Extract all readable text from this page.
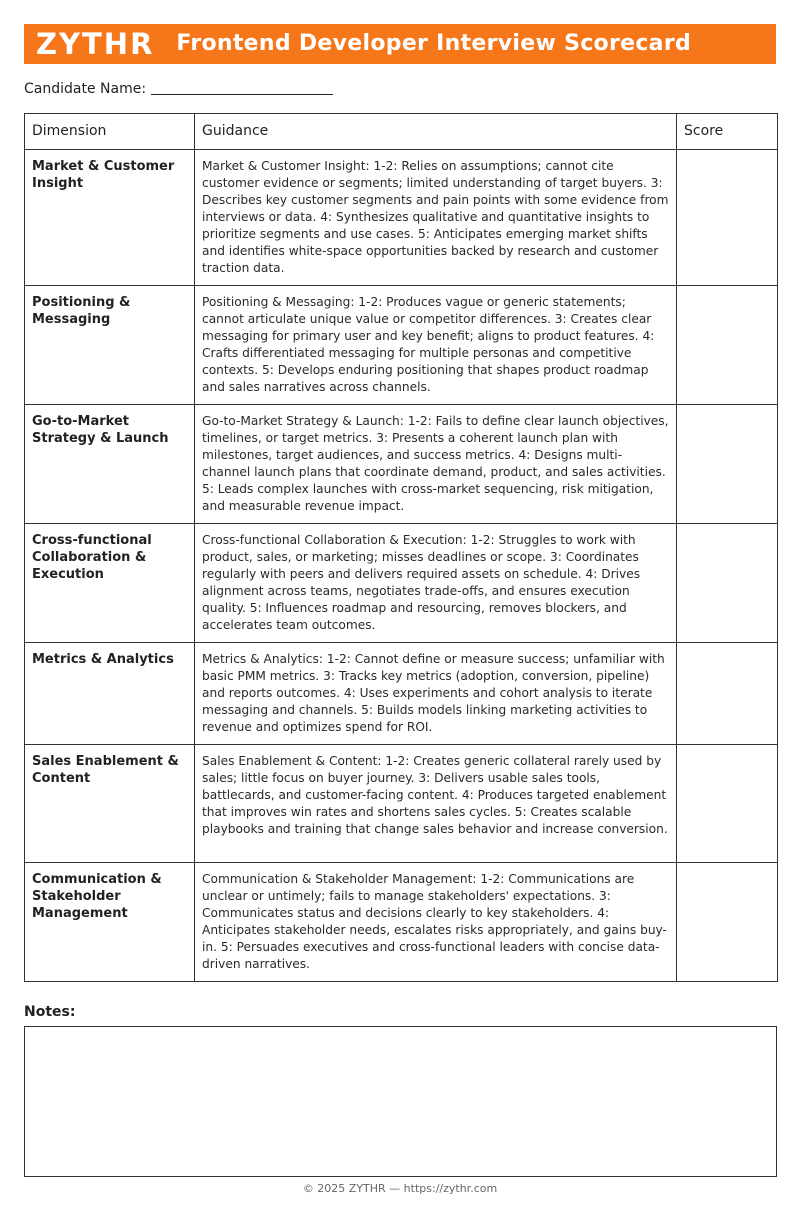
ZYTHR Frontend Developer Interview Scorecard
Candidate Name:
Dimension	Guidance	Score
Market & Customer Insight	Market & Customer Insight: 1-2: Relies on assumptions; cannot cite customer evidence or segments; limited understanding of target buyers. 3: Describes key customer segments and pain points with some evidence from interviews or data. 4: Synthesizes qualitative and quantitative insights to prioritize segments and use cases. 5: Anticipates emerging market shifts and identifies white-space opportunities backed by research and customer traction data.	
Positioning & Messaging	Positioning & Messaging: 1-2: Produces vague or generic statements; cannot articulate unique value or competitor differences. 3: Creates clear messaging for primary user and key benefit; aligns to product features. 4: Crafts differentiated messaging for multiple personas and competitive contexts. 5: Develops enduring positioning that shapes product roadmap and sales narratives across channels.	
Go-to-Market Strategy & Launch	Go-to-Market Strategy & Launch: 1-2: Fails to define clear launch objectives, timelines, or target metrics. 3: Presents a coherent launch plan with milestones, target audiences, and success metrics. 4: Designs multi-channel launch plans that coordinate demand, product, and sales activities. 5: Leads complex launches with cross-market sequencing, risk mitigation, and measurable revenue impact.	
Cross-functional Collaboration & Execution	Cross-functional Collaboration & Execution: 1-2: Struggles to work with product, sales, or marketing; misses deadlines or scope. 3: Coordinates regularly with peers and delivers required assets on schedule. 4: Drives alignment across teams, negotiates trade-offs, and ensures execution quality. 5: Influences roadmap and resourcing, removes blockers, and accelerates team outcomes.	
Metrics & Analytics	Metrics & Analytics: 1-2: Cannot define or measure success; unfamiliar with basic PMM metrics. 3: Tracks key metrics (adoption, conversion, pipeline) and reports outcomes. 4: Uses experiments and cohort analysis to iterate messaging and channels. 5: Builds models linking marketing activities to revenue and optimizes spend for ROI.	
Sales Enablement & Content	Sales Enablement & Content: 1-2: Creates generic collateral rarely used by sales; little focus on buyer journey. 3: Delivers usable sales tools, battlecards, and customer-facing content. 4: Produces targeted enablement that improves win rates and shortens sales cycles. 5: Creates scalable playbooks and training that change sales behavior and increase conversion.	
Communication & Stakeholder Management	Communication & Stakeholder Management: 1-2: Communications are unclear or untimely; fails to manage stakeholders' expectations. 3: Communicates status and decisions clearly to key stakeholders. 4: Anticipates stakeholder needs, escalates risks appropriately, and gains buy-in. 5: Persuades executives and cross-functional leaders with concise data-driven narratives.	
Notes:
© 2025 ZYTHR — https://zythr.com
